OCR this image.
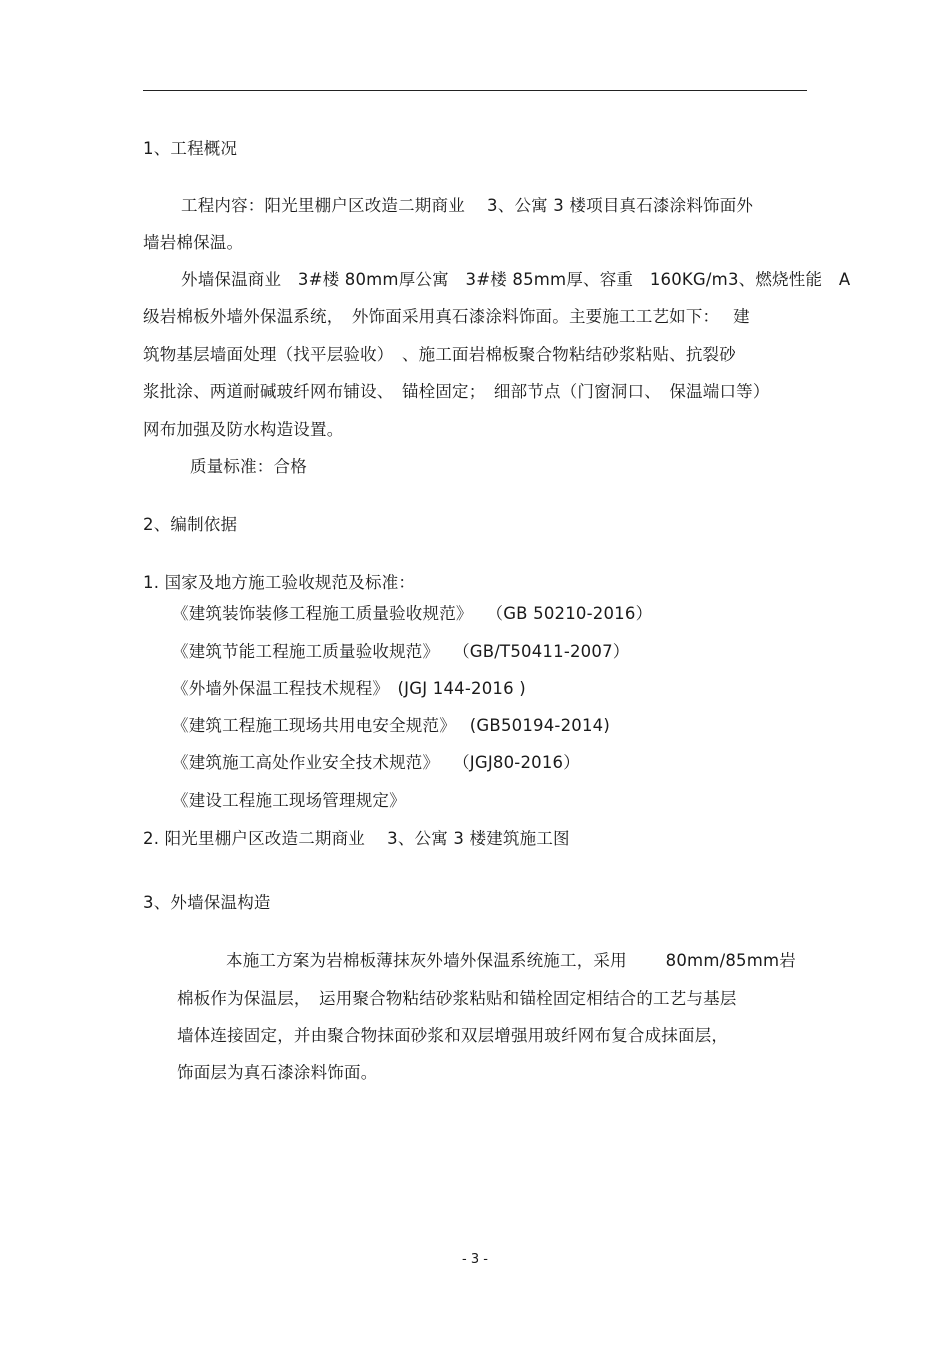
1、工程概况
工程内容：阳光里棚户区改造二期商业　 3、公寓 3 楼项目真石漆涂料饰面外
墙岩棉保温。
外墙保温商业　3#楼 80mm厚公寓　3#楼 85mm厚、容重　160KG/m3、燃烧性能　A
级岩棉板外墙外保温系统，　外饰面采用真石漆涂料饰面。主要施工工艺如下：　 建
筑物基层墙面处理（找平层验收）　、施工面岩棉板聚合物粘结砂浆粘贴、抗裂砂
浆批涂、两道耐碱玻纤网布铺设、　锚栓固定；　细部节点（门窗洞口、　保温端口等）
网布加强及防水构造设置。
质量标准：合格
2、编制依据
1. 国家及地方施工验收规范及标准：
《建筑装饰装修工程施工质量验收规范》　 （GB 50210-2016）
《建筑节能工程施工质量验收规范》　 （GB/T50411-2007）
《外墙外保温工程技术规程》　(JGJ 144-2016 )
《建筑工程施工现场共用电安全规范》　 (GB50194-2014)
《建筑施工高处作业安全技术规范》　 （JGJ80-2016）
《建设工程施工现场管理规定》
2. 阳光里棚户区改造二期商业　 3、公寓 3 楼建筑施工图
3、外墙保温构造
本施工方案为岩棉板薄抹灰外墙外保温系统施工，采用　　 80mm/85mm岩
棉板作为保温层，　运用聚合物粘结砂浆粘贴和锚栓固定相结合的工艺与基层
墙体连接固定，并由聚合物抹面砂浆和双层增强用玻纤网布复合成抹面层，
饰面层为真石漆涂料饰面。
- 3 -
